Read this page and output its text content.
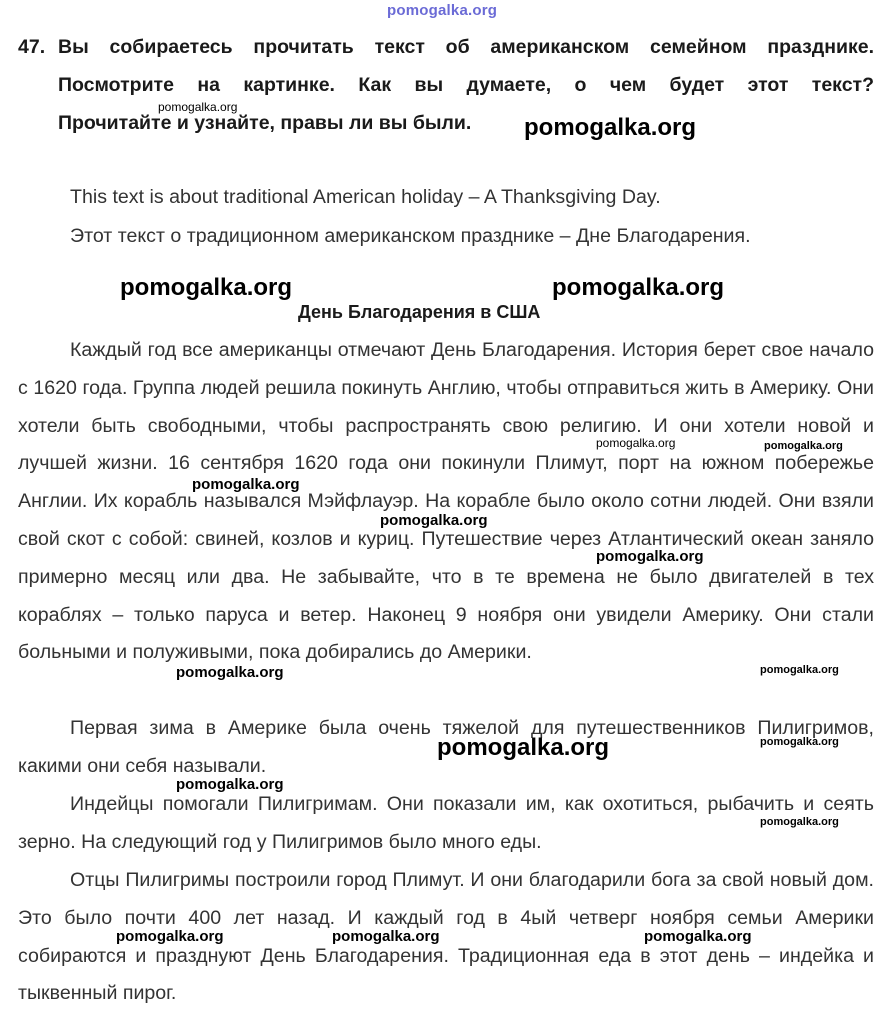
pomogalka.org
47. Вы собираетесь прочитать текст об американском семейном празднике.
Посмотрите на картинке. Как вы думаете, о чем будет этот текст?
Прочитайте и узнайте, правы ли вы были.
This text is about traditional American holiday – A Thanksgiving Day.
Этот текст о традиционном американском празднике – Дне Благодарения.
День Благодарения в США
Каждый год все американцы отмечают День Благодарения. История берет свое начало с 1620 года. Группа людей решила покинуть Англию, чтобы отправиться жить в Америку. Они хотели быть свободными, чтобы распространять свою религию. И они хотели новой и лучшей жизни. 16 сентября 1620 года они покинули Плимут, порт на южном побережье Англии. Их корабль назывался Мэйфлауэр. На корабле было около сотни людей. Они взяли свой скот с собой: свиней, козлов и куриц. Путешествие через Атлантический океан заняло примерно месяц или два. Не забывайте, что в те времена не было двигателей в тех кораблях – только паруса и ветер. Наконец 9 ноября они увидели Америку. Они стали больными и полуживыми, пока добирались до Америки.
Первая зима в Америке была очень тяжелой для путешественников Пилигримов, какими они себя называли.
Индейцы помогали Пилигримам. Они показали им, как охотиться, рыбачить и сеять зерно. На следующий год у Пилигримов было много еды.
Отцы Пилигримы построили город Плимут. И они благодарили бога за свой новый дом. Это было почти 400 лет назад. И каждый год в 4ый четверг ноября семьи Америки собираются и празднуют День Благодарения. Традиционная еда в этот день – индейка и тыквенный пирог.
pomogalka.org
pomogalka.org
pomogalka.org	pomogalka.org
pomogalka.org	pomogalka.org
pomogalka.org
pomogalka.org
pomogalka.org
pomogalka.org	pomogalka.org
pomogalka.org	pomogalka.org
pomogalka.org
pomogalka.org
pomogalka.org	pomogalka.org	pomogalka.org
